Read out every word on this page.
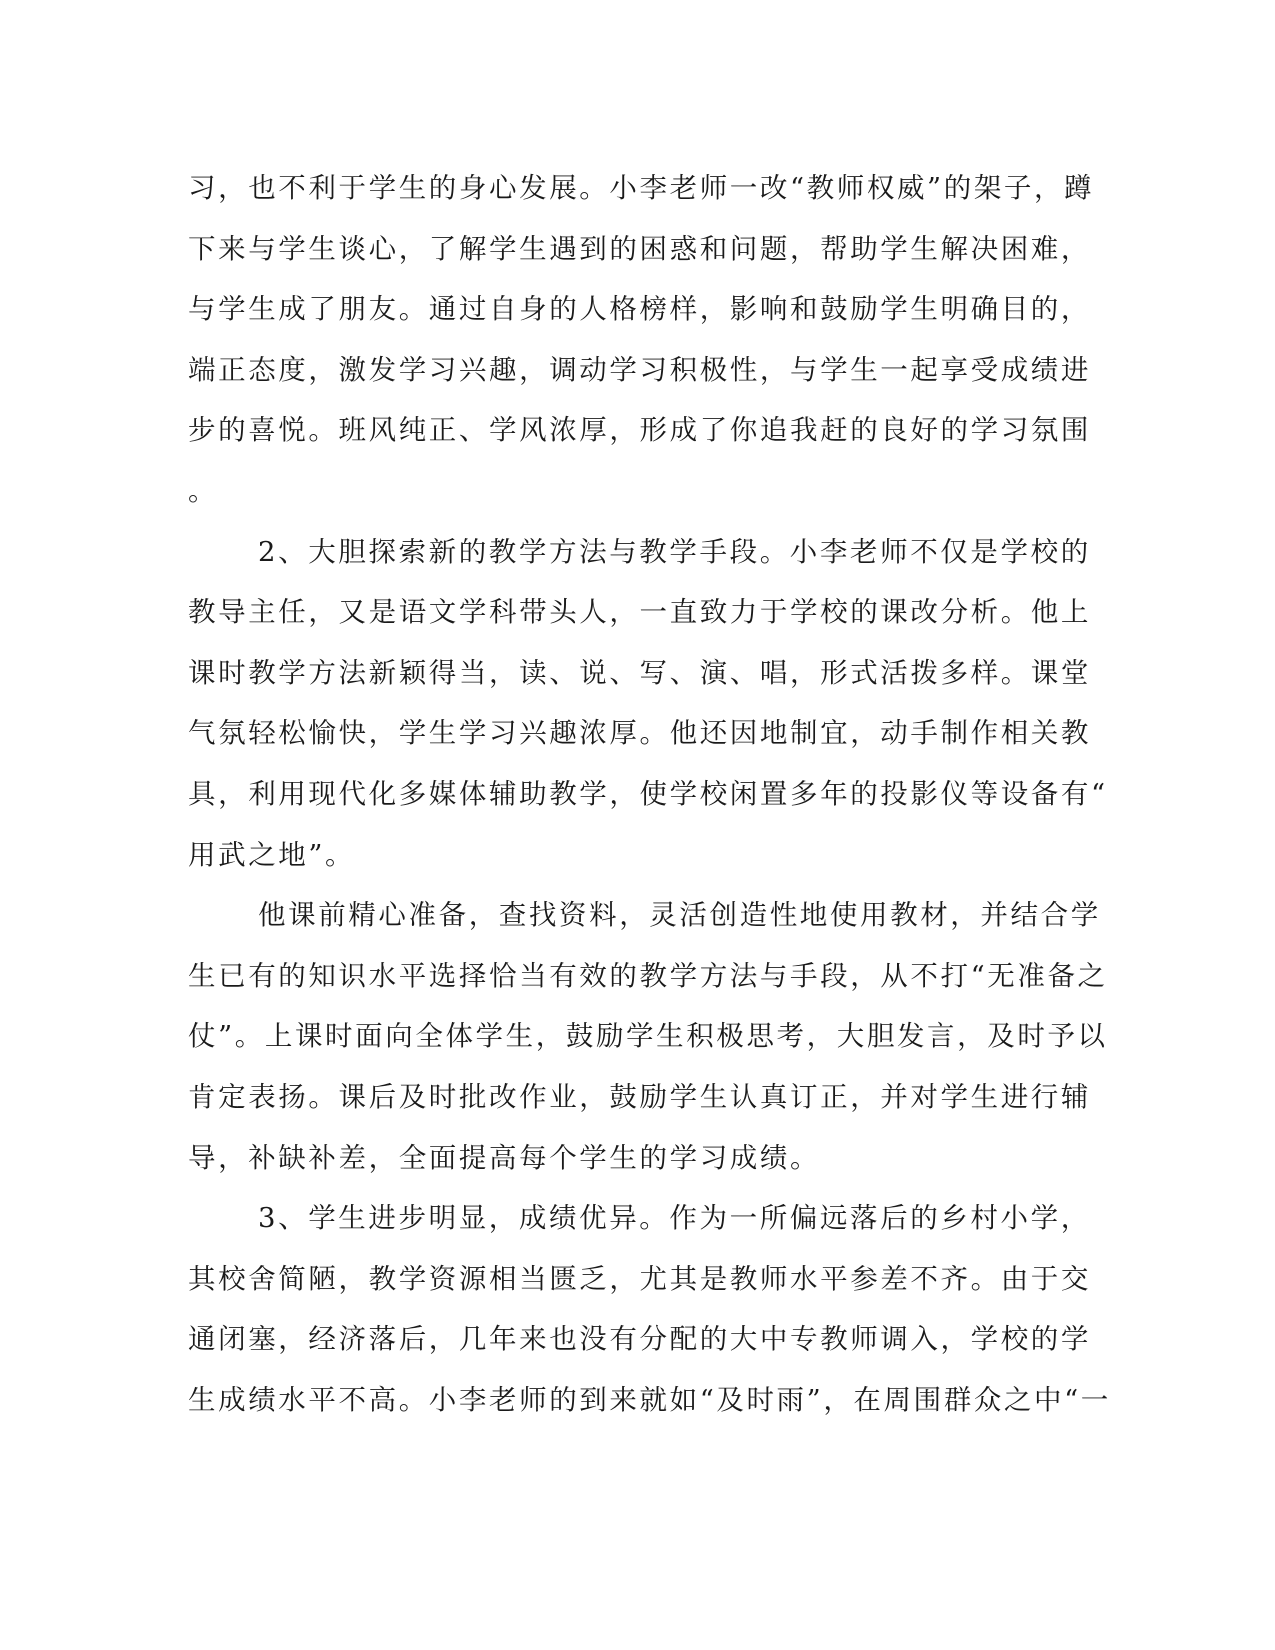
习，也不利于学生的身心发展。小李老师一改“教师权威”的架子，蹲

下来与学生谈心，了解学生遇到的困惑和问题，帮助学生解决困难，

与学生成了朋友。通过自身的人格榜样，影响和鼓励学生明确目的，

端正态度，激发学习兴趣，调动学习积极性，与学生一起享受成绩进

步的喜悦。班风纯正、学风浓厚，形成了你追我赶的良好的学习氛围

。

2、大胆探索新的教学方法与教学手段。小李老师不仅是学校的

教导主任，又是语文学科带头人，一直致力于学校的课改分析。他上

课时教学方法新颖得当，读、说、写、演、唱，形式活拨多样。课堂

气氛轻松愉快，学生学习兴趣浓厚。他还因地制宜，动手制作相关教

具，利用现代化多媒体辅助教学，使学校闲置多年的投影仪等设备有“

用武之地”。

他课前精心准备，查找资料，灵活创造性地使用教材，并结合学

生已有的知识水平选择恰当有效的教学方法与手段，从不打“无准备之

仗”。上课时面向全体学生，鼓励学生积极思考，大胆发言，及时予以

肯定表扬。课后及时批改作业，鼓励学生认真订正，并对学生进行辅

导，补缺补差，全面提高每个学生的学习成绩。

3、学生进步明显，成绩优异。作为一所偏远落后的乡村小学，

其校舍简陋，教学资源相当匮乏，尤其是教师水平参差不齐。由于交

通闭塞，经济落后，几年来也没有分配的大中专教师调入，学校的学

生成绩水平不高。小李老师的到来就如“及时雨”，在周围群众之中“一
